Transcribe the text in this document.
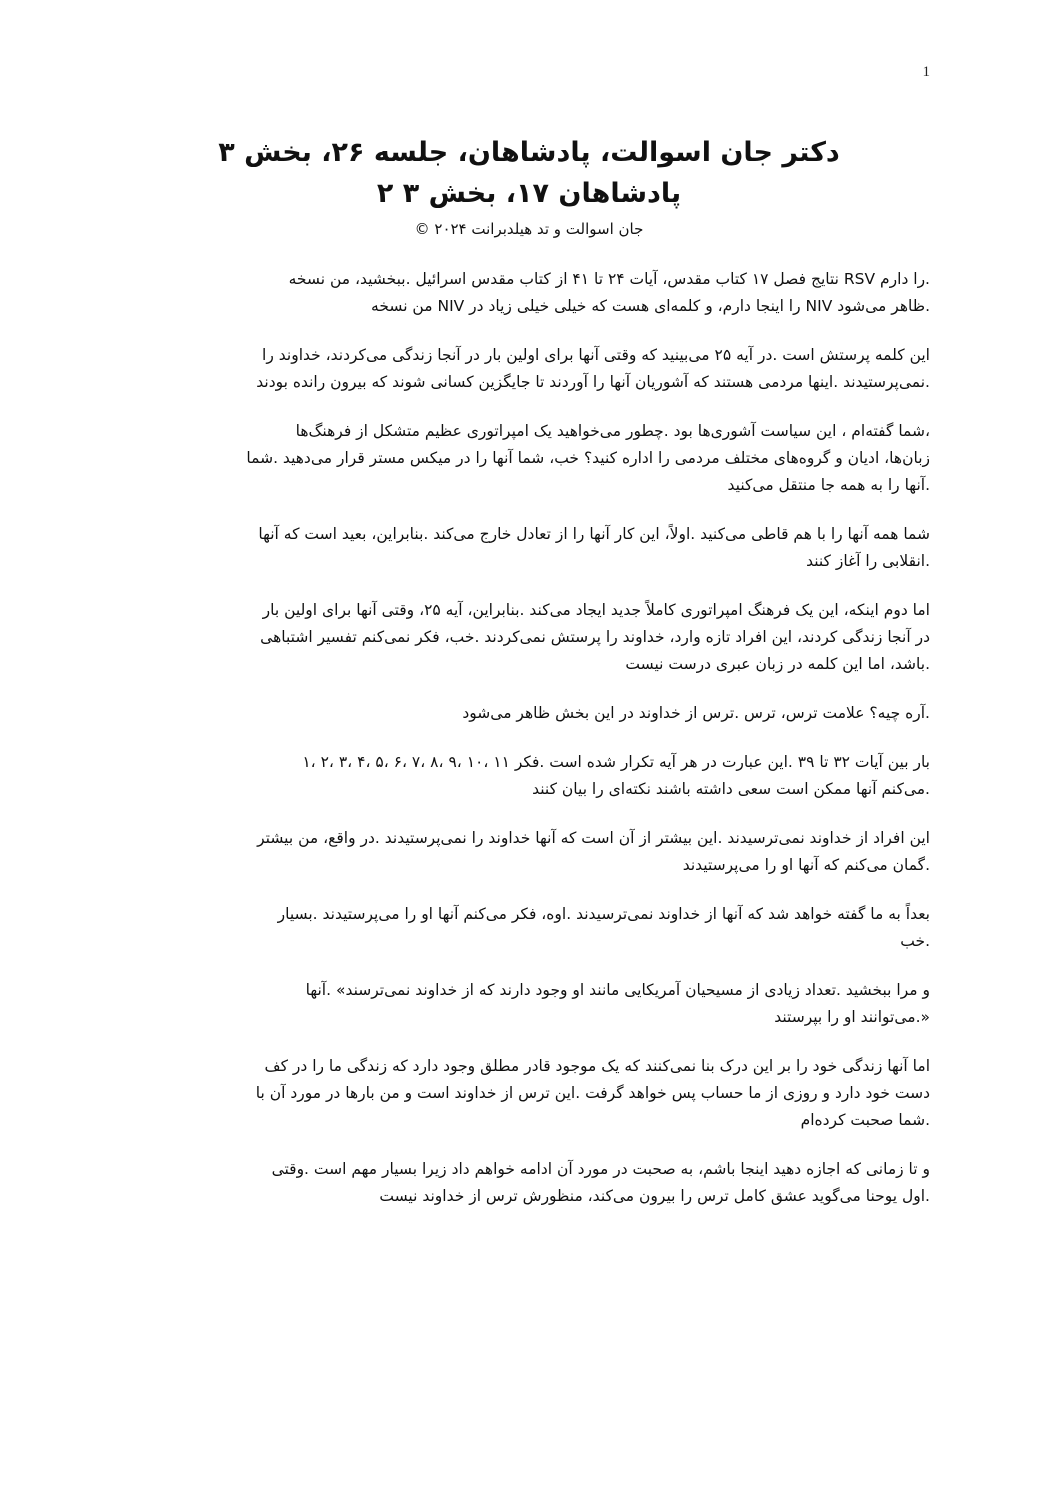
1
دکتر جان اسوالت، پادشاهان، جلسه ۲۶، بخش ۳
پادشاهان ۱۷، بخش ۳ ۲
جان اسوالت و تد هیلدبرانت ۲۰۲۴ ©
.را دارم RSV نتایج فصل ۱۷ کتاب مقدس، آیات ۲۴ تا ۴۱ از کتاب مقدس اسرائیل .ببخشید، من نسخه
.ظاهر می‌شود NIV را اینجا دارم، و کلمه‌ای هست که خیلی خیلی زیاد در NIV من نسخه
این کلمه پرستش است .در آیه ۲۵ می‌بینید که وقتی آنها برای اولین بار در آنجا زندگی می‌کردند، خداوند را
.نمی‌پرستیدند .اینها مردمی هستند که آشوریان آنها را آوردند تا جایگزین کسانی شوند که بیرون رانده بودند
،شما گفته‌ام ، این سیاست آشوری‌ها بود .چطور می‌خواهید یک امپراتوری عظیم متشکل از فرهنگ‌ها
زبان‌ها، ادیان و گروه‌های مختلف مردمی را اداره کنید؟ خب، شما آنها را در میکس مستر قرار می‌دهید .شما
.آنها را به همه جا منتقل می‌کنید
شما همه آنها را با هم قاطی می‌کنید .اولاً، این کار آنها را از تعادل خارج می‌کند .بنابراین، بعید است که آنها
.انقلابی را آغاز کنند
اما دوم اینکه، این یک فرهنگ امپراتوری کاملاً جدید ایجاد می‌کند .بنابراین، آیه ۲۵، وقتی آنها برای اولین بار
در آنجا زندگی کردند، این افراد تازه وارد، خداوند را پرستش نمی‌کردند .خب، فکر نمی‌کنم تفسیر اشتباهی
.باشد، اما این کلمه در زبان عبری درست نیست
.آره چیه؟ علامت ترس، ترس .ترس از خداوند در این بخش ظاهر می‌شود
بار بین آیات ۳۲ تا ۳۹ .این عبارت در هر آیه تکرار شده است .فکر ۱۱ ،۱۰ ،۹ ،۸ ،۷ ،۶ ،۵ ،۴ ،۳ ،۲ ،۱
.می‌کنم آنها ممکن است سعی داشته باشند نکته‌ای را بیان کنند
این افراد از خداوند نمی‌ترسیدند .این بیشتر از آن است که آنها خداوند را نمی‌پرستیدند .در واقع، من بیشتر
.گمان می‌کنم که آنها او را می‌پرستیدند
بعداً به ما گفته خواهد شد که آنها از خداوند نمی‌ترسیدند .اوه، فکر می‌کنم آنها او را می‌پرستیدند .بسیار
.خب
و مرا ببخشید .تعداد زیادی از مسیحیان آمریکایی مانند او وجود دارند که از خداوند نمی‌ترسند» .آنها
«.می‌توانند او را بپرستند
اما آنها زندگی خود را بر این درک بنا نمی‌کنند که یک موجود قادر مطلق وجود دارد که زندگی ما را در کف
دست خود دارد و روزی از ما حساب پس خواهد گرفت .این ترس از خداوند است و من بارها در مورد آن با
.شما صحبت کرده‌ام
و تا زمانی که اجازه دهید اینجا باشم، به صحبت در مورد آن ادامه خواهم داد زیرا بسیار مهم است .وقتی
.اول یوحنا می‌گوید عشق کامل ترس را بیرون می‌کند، منظورش ترس از خداوند نیست
